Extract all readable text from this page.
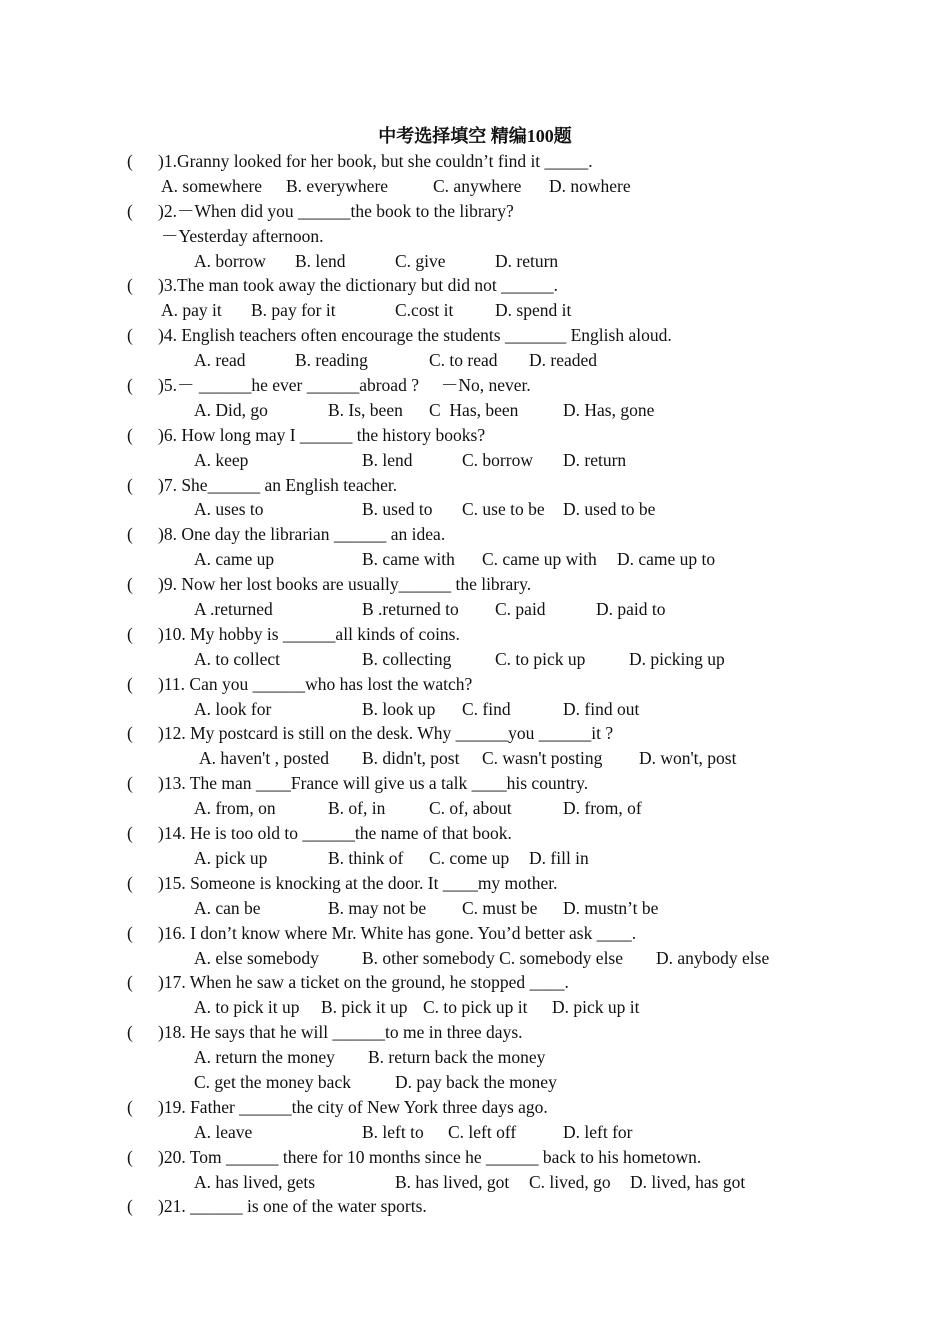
中考选择填空 精编100题
(	)1.Granny looked for her book, but she couldn’t find it _____.
A. somewhere B. everywhere	C. anywhere D. nowhere
(	)2.－When did you ______the book to the library?
－Yesterday afternoon.
A. borrow B. lend	C. give	D. return
(	)3.The man took away the dictionary but did not ______.
A. pay it B. pay for it	C.cost it D. spend it
(	)4. English teachers often encourage the students _______ English aloud.
A. read	B. reading	C. to read D. readed
(	)5.－ ______he ever ______abroad ?     －No, never.
A. Did, go	B. Is, been C  Has, been	D. Has, gone
(	)6. How long may I ______ the history books?
A. keep	B. lend	C. borrow D. return
(	)7. She______ an English teacher.
A. uses to	B. used to C. use to be D. used to be
(	)8. One day the librarian ______ an idea.
A. came up	B. came with C. came up with D. came up to
(	)9. Now her lost books are usually______ the library.
A .returned	B .returned to C. paid	D. paid to
(	)10. My hobby is ______all kinds of coins.
A. to collect	B. collecting C. to pick up D. picking up
(	)11. Can you ______who has lost the watch?
A. look for	B. look up C. find	D. find out
(	)12. My postcard is still on the desk. Why ______you ______it ?
A. haven't , posted B. didn't, post C. wasn't posting D. won't, post
(	)13. The man ____France will give us a talk ____his country.
A. from, on	B. of, in C. of, about	D. from, of
(	)14. He is too old to ______the name of that book.
A. pick up	B. think of C. come up D. fill in
(	)15. Someone is knocking at the door. It ____my mother.
A. can be	B. may not be C. must be D. mustn’t be
(	)16. I don’t know where Mr. White has gone. You’d better ask ____.
A. else somebody B. other somebody C. somebody else D. anybody else
(	)17. When he saw a ticket on the ground, he stopped ____.
A. to pick it up B. pick it up C. to pick up it D. pick up it
(	)18. He says that he will ______to me in three days.
A. return the money B. return back the money
C. get the money back	D. pay back the money
(	)19. Father ______the city of New York three days ago.
A. leave	B. left to C. left off	D. left for
(	)20. Tom ______ there for 10 months since he ______ back to his hometown.
A. has lived, gets	B. has lived, got C. lived, go D. lived, has got
(	)21. ______ is one of the water sports.
